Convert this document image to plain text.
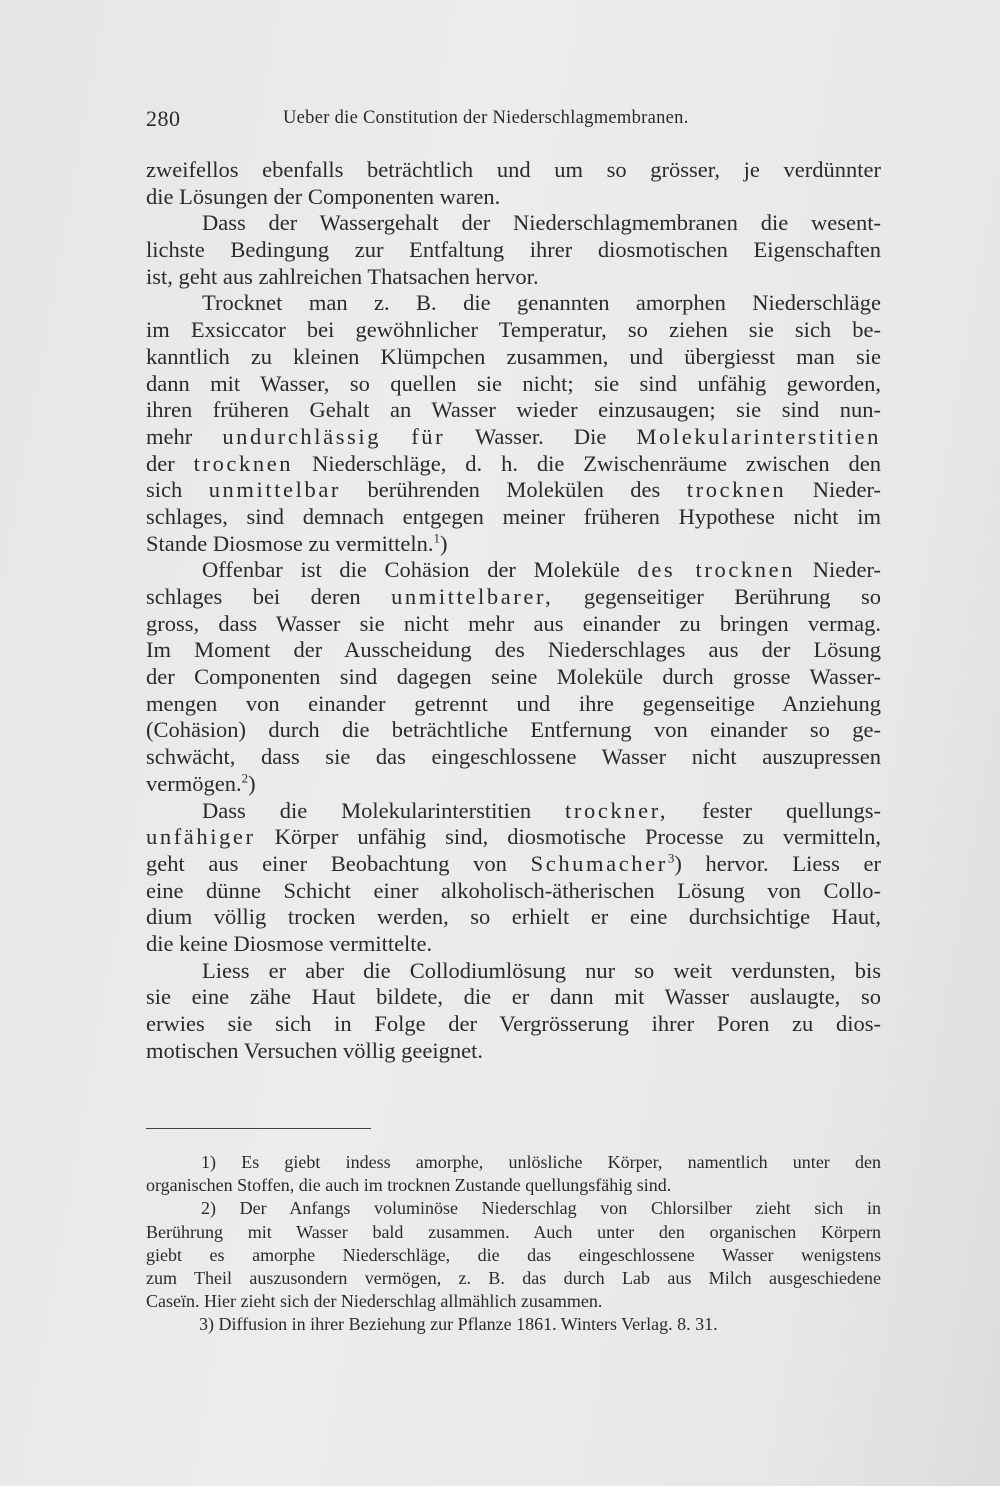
280	Ueber die Constitution der Niederschlagmembranen.
zweifellos ebenfalls beträchtlich und um so grösser, je verdünnter
die Lösungen der Componenten waren.
Dass der Wassergehalt der Niederschlagmembranen die wesent-
lichste Bedingung zur Entfaltung ihrer diosmotischen Eigenschaften
ist, geht aus zahlreichen Thatsachen hervor.
Trocknet man z. B. die genannten amorphen Niederschläge
im Exsiccator bei gewöhnlicher Temperatur, so ziehen sie sich be-
kanntlich zu kleinen Klümpchen zusammen, und übergiesst man sie
dann mit Wasser, so quellen sie nicht; sie sind unfähig geworden,
ihren früheren Gehalt an Wasser wieder einzusaugen; sie sind nun-
mehr undurchlässig für Wasser. Die Molekularinterstitien
der trocknen Niederschläge, d. h. die Zwischenräume zwischen den
sich unmittelbar berührenden Molekülen des trocknen Nieder-
schlages, sind demnach entgegen meiner früheren Hypothese nicht im
Stande Diosmose zu vermitteln.$^1$)
Offenbar ist die Cohäsion der Moleküle des trocknen Nieder-
schlages bei deren unmittelbarer, gegenseitiger Berührung so
gross, dass Wasser sie nicht mehr aus einander zu bringen vermag.
Im Moment der Ausscheidung des Niederschlages aus der Lösung
der Componenten sind dagegen seine Moleküle durch grosse Wasser-
mengen von einander getrennt und ihre gegenseitige Anziehung
(Cohäsion) durch die beträchtliche Entfernung von einander so ge-
schwächt, dass sie das eingeschlossene Wasser nicht auszupressen
vermögen.$^2$)
Dass die Molekularinterstitien trockner, fester quellungs-
unfähiger Körper unfähig sind, diosmotische Processe zu vermitteln,
geht aus einer Beobachtung von Schumacher$^3$) hervor. Liess er
eine dünne Schicht einer alkoholisch-ätherischen Lösung von Collo-
dium völlig trocken werden, so erhielt er eine durchsichtige Haut,
die keine Diosmose vermittelte.
Liess er aber die Collodiumlösung nur so weit verdunsten, bis
sie eine zähe Haut bildete, die er dann mit Wasser auslaugte, so
erwies sie sich in Folge der Vergrösserung ihrer Poren zu dios-
motischen Versuchen völlig geeignet.
1) Es giebt indess amorphe, unlösliche Körper, namentlich unter den
organischen Stoffen, die auch im trocknen Zustande quellungsfähig sind.
2) Der Anfangs voluminöse Niederschlag von Chlorsilber zieht sich in
Berührung mit Wasser bald zusammen. Auch unter den organischen Körpern
giebt es amorphe Niederschläge, die das eingeschlossene Wasser wenigstens
zum Theil auszusondern vermögen, z. B. das durch Lab aus Milch ausgeschiedene
Caseïn. Hier zieht sich der Niederschlag allmählich zusammen.
3) Diffusion in ihrer Beziehung zur Pflanze 1861. Winters Verlag. 8. 31.
